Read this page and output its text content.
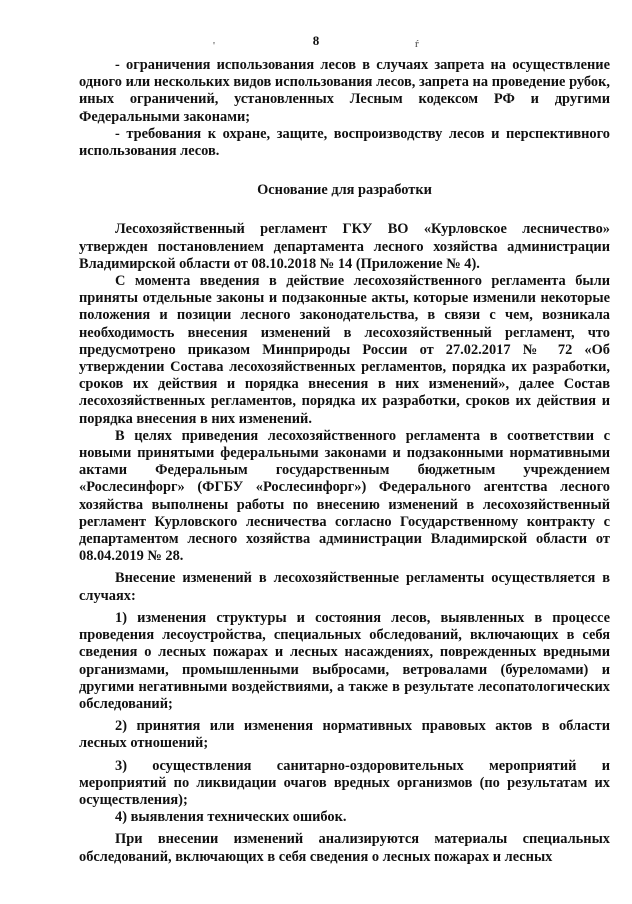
8
'	ŕ

- ограничения использования лесов в случаях запрета на осуществление одного или нескольких видов использования лесов, запрета на проведение рубок, иных ограничений, установленных Лесным кодексом РФ и другими Федеральными законами;

- требования к охране, защите, воспроизводству лесов и перспективного использования лесов.

Основание для разработки

Лесохозяйственный регламент ГКУ ВО «Курловское лесничество» утвержден постановлением департамента лесного хозяйства администрации Владимирской области от 08.10.2018 № 14 (Приложение № 4).

С момента введения в действие лесохозяйственного регламента были приняты отдельные законы и подзаконные акты, которые изменили некоторые положения и позиции лесного законодательства, в связи с чем, возникала необходимость внесения изменений в лесохозяйственный регламент, что предусмотрено приказом Минприроды России от 27.02.2017 № 72 «Об утверждении Состава лесохозяйственных регламентов, порядка их разработки, сроков их действия и порядка внесения в них изменений», далее Состав лесохозяйственных регламентов, порядка их разработки, сроков их действия и порядка внесения в них изменений.

В целях приведения лесохозяйственного регламента в соответствии с новыми принятыми федеральными законами и подзаконными нормативными актами Федеральным государственным бюджетным учреждением «Рослесинфорг» (ФГБУ «Рослесинфорг») Федерального агентства лесного хозяйства выполнены работы по внесению изменений в лесохозяйственный регламент Курловского лесничества согласно Государственному контракту с департаментом лесного хозяйства администрации Владимирской области от 08.04.2019 № 28.

Внесение изменений в лесохозяйственные регламенты осуществляется в случаях:

1) изменения структуры и состояния лесов, выявленных в процессе проведения лесоустройства, специальных обследований, включающих в себя сведения о лесных пожарах и лесных насаждениях, поврежденных вредными организмами, промышленными выбросами, ветровалами (буреломами) и другими негативными воздействиями, а также в результате лесопатологических обследований;

2) принятия или изменения нормативных правовых актов в области лесных отношений;

3) осуществления санитарно-оздоровительных мероприятий и мероприятий по ликвидации очагов вредных организмов (по результатам их осуществления);

4) выявления технических ошибок.

При внесении изменений анализируются материалы специальных обследований, включающих в себя сведения о лесных пожарах и лесных
